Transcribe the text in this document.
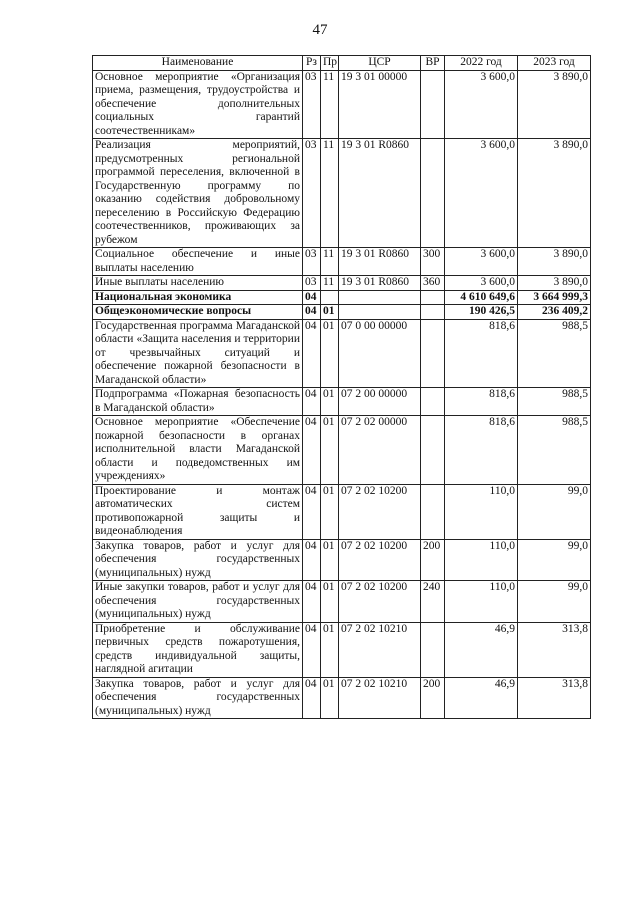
47
Наименование	Рз	Пр	ЦСР	ВР	2022 год	2023 год
Основное мероприятие «Организация приема, размещения, трудоустройства и обеспечение дополнительных социальных гарантий соотечественникам»	03	11	19 3 01 00000		3 600,0	3 890,0
Реализация мероприятий, предусмотренных региональной программой переселения, включенной в Государственную программу по оказанию содействия добровольному переселению в Российскую Федерацию соотечественников, проживающих за рубежом	03	11	19 3 01 R0860		3 600,0	3 890,0
Социальное обеспечение и иные выплаты населению	03	11	19 3 01 R0860	300	3 600,0	3 890,0
Иные выплаты населению	03	11	19 3 01 R0860	360	3 600,0	3 890,0
Национальная экономика	04				4 610 649,6	3 664 999,3
Общеэкономические вопросы	04	01			190 426,5	236 409,2
Государственная программа Магаданской области «Защита населения и территории от чрезвычайных ситуаций и обеспечение пожарной безопасности в Магаданской области»	04	01	07 0 00 00000		818,6	988,5
Подпрограмма «Пожарная безопасность в Магаданской области»	04	01	07 2 00 00000		818,6	988,5
Основное мероприятие «Обеспечение пожарной безопасности в органах исполнительной власти Магаданской области и подведомственных им учреждениях»	04	01	07 2 02 00000		818,6	988,5
Проектирование и монтаж автоматических систем противопожарной защиты и видеонаблюдения	04	01	07 2 02 10200		110,0	99,0
Закупка товаров, работ и услуг для обеспечения государственных (муниципальных) нужд	04	01	07 2 02 10200	200	110,0	99,0
Иные закупки товаров, работ и услуг для обеспечения государственных (муниципальных) нужд	04	01	07 2 02 10200	240	110,0	99,0
Приобретение и обслуживание первичных средств пожаротушения, средств индивидуальной защиты, наглядной агитации	04	01	07 2 02 10210		46,9	313,8
Закупка товаров, работ и услуг для обеспечения государственных (муниципальных) нужд	04	01	07 2 02 10210	200	46,9	313,8
